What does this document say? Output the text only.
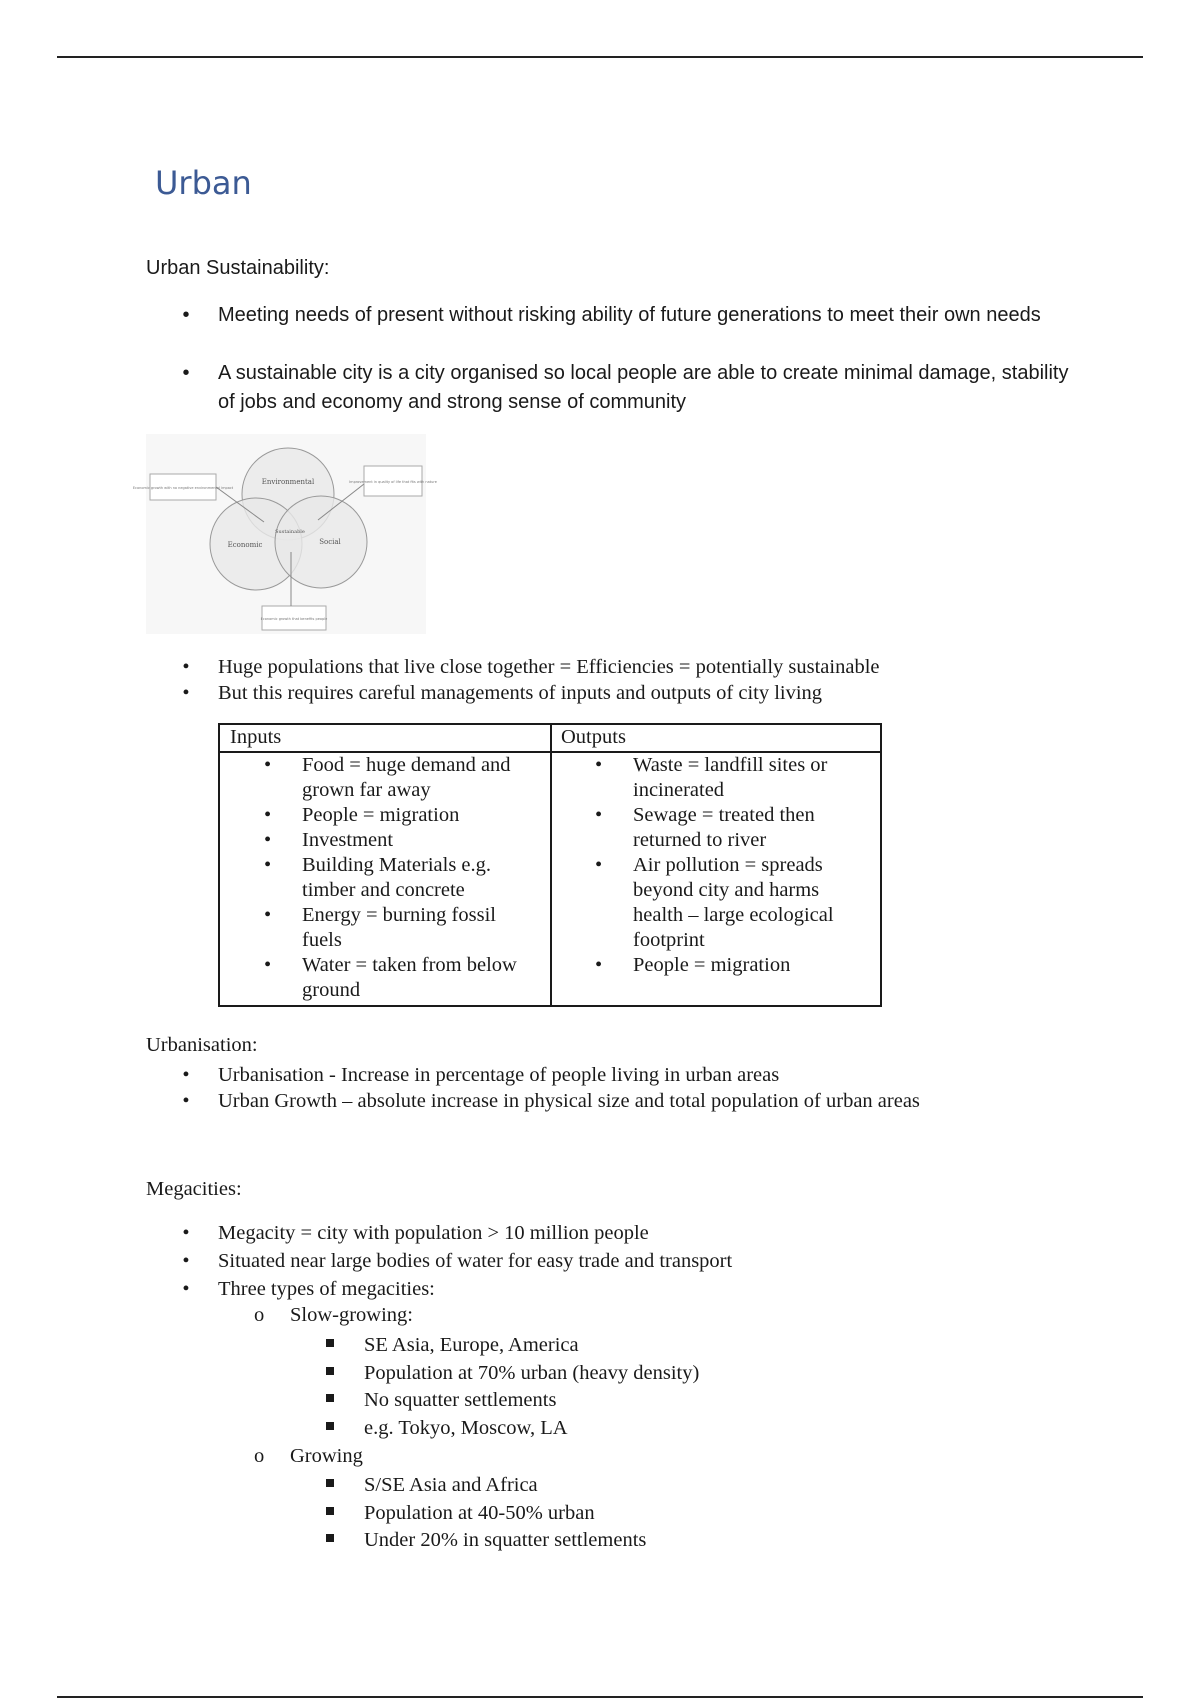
Urban
Urban Sustainability:
• Meeting needs of present without risking ability of future generations to meet their own needs
• A sustainable city is a city organised so local people are able to create minimal damage, stability of jobs and economy and strong sense of community
Environmental
Economic	Social
Sustainable
Economic growth with no negative environmental impact
Improvement in quality of life that fits with nature
Economic growth that benefits people
• Huge populations that live close together = Efficiencies = potentially sustainable
• But this requires careful managements of inputs and outputs of city living
Inputs	Outputs
• Food = huge demand and grown far away
• People = migration
• Investment
• Building Materials e.g. timber and concrete
• Energy = burning fossil fuels
• Water = taken from below ground
• Waste = landfill sites or incinerated
• Sewage = treated then returned to river
• Air pollution = spreads beyond city and harms health – large ecological footprint
• People = migration
Urbanisation:
• Urbanisation - Increase in percentage of people living in urban areas
• Urban Growth – absolute increase in physical size and total population of urban areas
Megacities:
• Megacity = city with population > 10 million people
• Situated near large bodies of water for easy trade and transport
• Three types of megacities:
o Slow-growing:
SE Asia, Europe, America
Population at 70% urban (heavy density)
No squatter settlements
e.g. Tokyo, Moscow, LA
o Growing
S/SE Asia and Africa
Population at 40-50% urban
Under 20% in squatter settlements
